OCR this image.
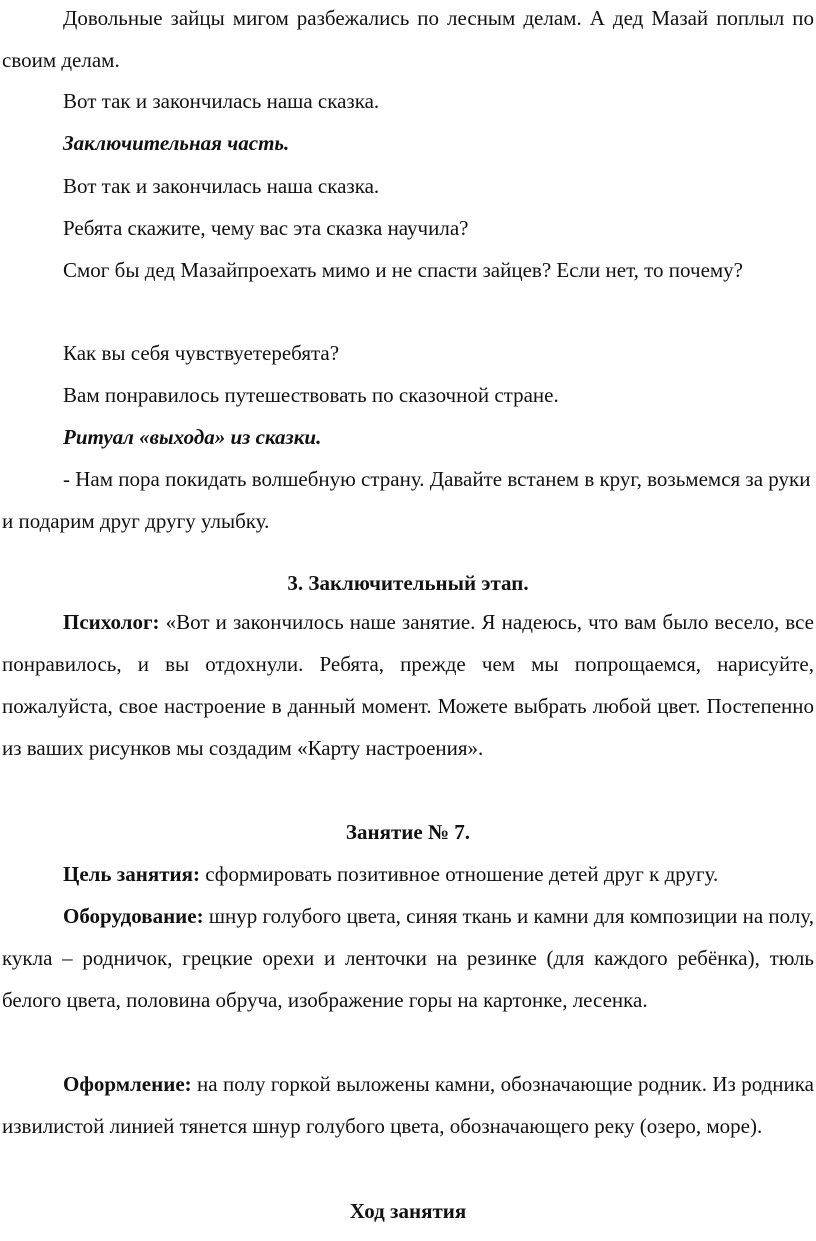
Довольные зайцы мигом разбежались по лесным делам. А дед Мазай поплыл по своим делам.

Вот так и закончилась наша сказка.

Заключительная часть.

Вот так и закончилась наша сказка.

Ребята скажите, чему вас эта сказка научила?

Смог бы дед Мазайпроехать мимо и не спасти зайцев? Если нет, то почему?

Как вы себя чувствуетеребята?

Вам понравилось путешествовать по сказочной стране.

Ритуал «выхода» из сказки.

- Нам пора покидать волшебную страну. Давайте встанем в круг, возьмемся за руки и подарим друг другу улыбку.

3. Заключительный этап.

Психолог: «Вот и закончилось наше занятие. Я надеюсь, что вам было весело, все понравилось, и вы отдохнули. Ребята, прежде чем мы попрощаемся, нарисуйте, пожалуйста, свое настроение в данный момент. Можете выбрать любой цвет. Постепенно из ваших рисунков мы создадим «Карту настроения».

Занятие № 7.

Цель занятия: сформировать позитивное отношение детей друг к другу.

Оборудование: шнур голубого цвета, синяя ткань и камни для композиции на полу, кукла – родничок, грецкие орехи и ленточки на резинке (для каждого ребёнка), тюль белого цвета, половина обруча, изображение горы на картонке, лесенка.

Оформление: на полу горкой выложены камни, обозначающие родник. Из родника извилистой линией тянется шнур голубого цвета, обозначающего реку (озеро, море).

Ход занятия
